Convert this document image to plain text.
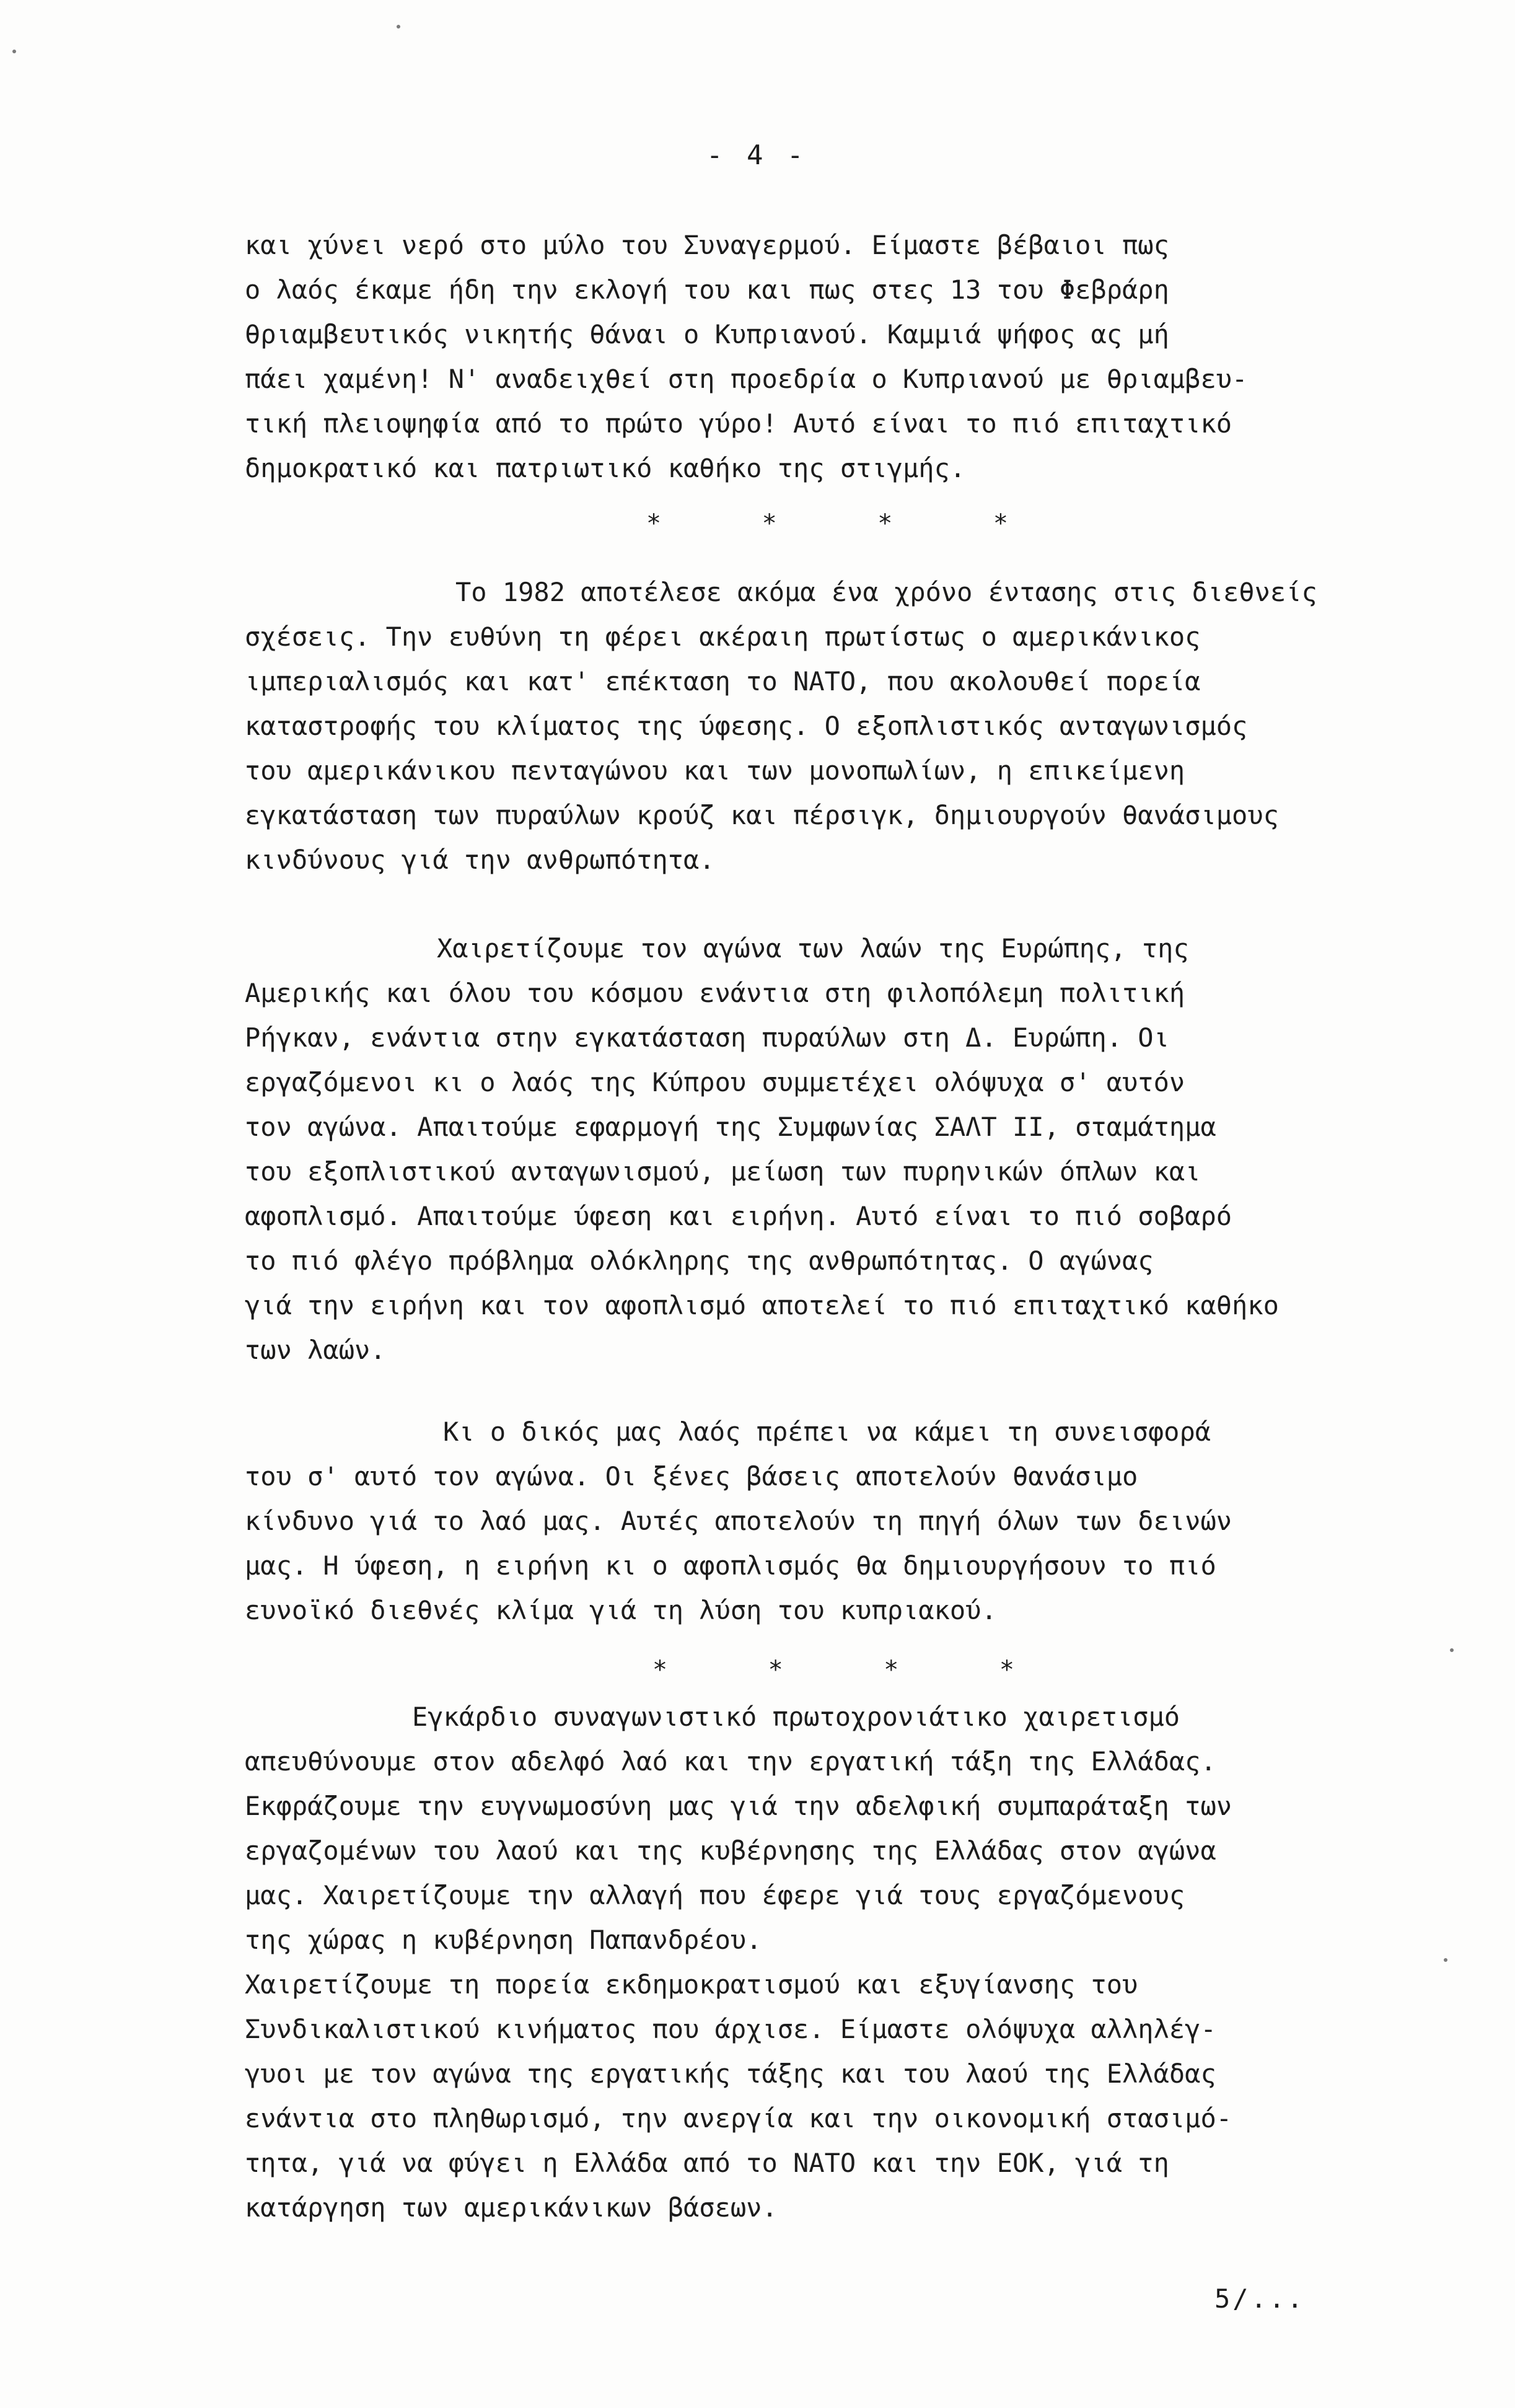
- 4 -
και χύνει νερό στο μύλο του Συναγερμού. Είμαστε βέβαιοι πως
ο λαός έκαμε ήδη την εκλογή του και πως στες 13 του Φεβράρη
θριαμβευτικός νικητής θάναι ο Κυπριανού. Καμμιά ψήφος ας μή
πάει χαμένη! Ν' αναδειχθεί στη προεδρία ο Κυπριανού με θριαμβευ-
τική πλειοψηφία από το πρώτο γύρο! Αυτό είναι το πιό επιταχτικό
δημοκρατικό και πατριωτικό καθήκο της στιγμής.
*	*	*	*
Το 1982 αποτέλεσε ακόμα ένα χρόνο έντασης στις διεθνείς
σχέσεις. Την ευθύνη τη φέρει ακέραιη πρωτίστως ο αμερικάνικος
ιμπεριαλισμός και κατ' επέκταση το ΝΑΤΟ, που ακολουθεί πορεία
καταστροφής του κλίματος της ύφεσης. Ο εξοπλιστικός ανταγωνισμός
του αμερικάνικου πενταγώνου και των μονοπωλίων, η επικείμενη
εγκατάσταση των πυραύλων κρούζ και πέρσιγκ, δημιουργούν θανάσιμους
κινδύνους γιά την ανθρωπότητα.
Χαιρετίζουμε τον αγώνα των λαών της Ευρώπης, της
Αμερικής και όλου του κόσμου ενάντια στη φιλοπόλεμη πολιτική
Ρήγκαν, ενάντια στην εγκατάσταση πυραύλων στη Δ. Ευρώπη. Οι
εργαζόμενοι κι ο λαός της Κύπρου συμμετέχει ολόψυχα σ' αυτόν
τον αγώνα. Απαιτούμε εφαρμογή της Συμφωνίας ΣΑΛΤ ΙΙ, σταμάτημα
του εξοπλιστικού ανταγωνισμού, μείωση των πυρηνικών όπλων και
αφοπλισμό. Απαιτούμε ύφεση και ειρήνη. Αυτό είναι το πιό σοβαρό
το πιό φλέγο πρόβλημα ολόκληρης της ανθρωπότητας. Ο αγώνας
γιά την ειρήνη και τον αφοπλισμό αποτελεί το πιό επιταχτικό καθήκο
των λαών.
Κι ο δικός μας λαός πρέπει να κάμει τη συνεισφορά
του σ' αυτό τον αγώνα. Οι ξένες βάσεις αποτελούν θανάσιμο
κίνδυνο γιά το λαό μας. Αυτές αποτελούν τη πηγή όλων των δεινών
μας. Η ύφεση, η ειρήνη κι ο αφοπλισμός θα δημιουργήσουν το πιό
ευνοϊκό διεθνές κλίμα γιά τη λύση του κυπριακού.
*	*	*	*
Εγκάρδιο συναγωνιστικό πρωτοχρονιάτικο χαιρετισμό
απευθύνουμε στον αδελφό λαό και την εργατική τάξη της Ελλάδας.
Εκφράζουμε την ευγνωμοσύνη μας γιά την αδελφική συμπαράταξη των
εργαζομένων του λαού και της κυβέρνησης της Ελλάδας στον αγώνα
μας. Χαιρετίζουμε την αλλαγή που έφερε γιά τους εργαζόμενους
της χώρας η κυβέρνηση Παπανδρέου.
Χαιρετίζουμε τη πορεία εκδημοκρατισμού και εξυγίανσης του
Συνδικαλιστικού κινήματος που άρχισε. Είμαστε ολόψυχα αλληλέγ-
γυοι με τον αγώνα της εργατικής τάξης και του λαού της Ελλάδας
ενάντια στο πληθωρισμό, την ανεργία και την οικονομική στασιμό-
τητα, γιά να φύγει η Ελλάδα από το ΝΑΤΟ και την ΕΟΚ, γιά τη
κατάργηση των αμερικάνικων βάσεων.
5/...
